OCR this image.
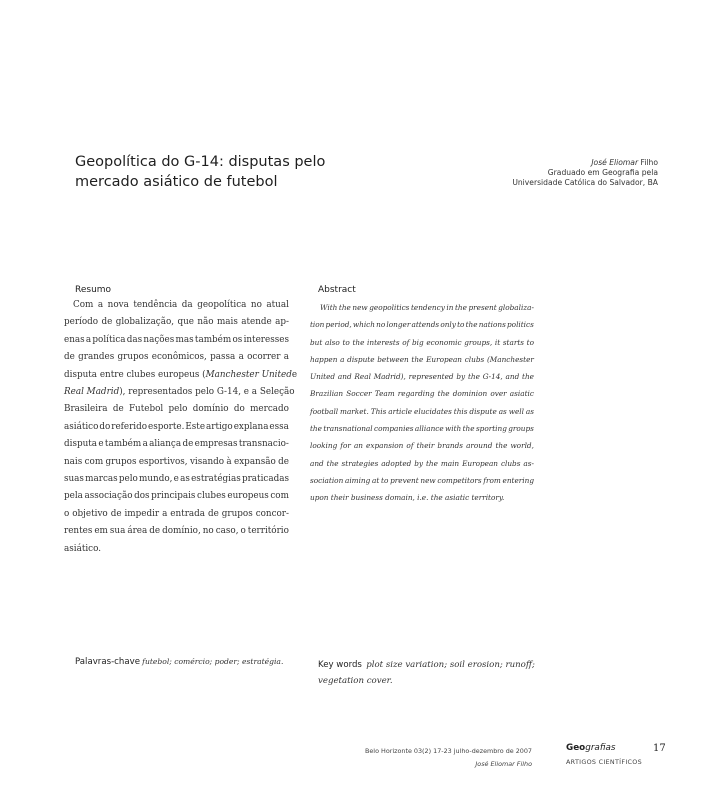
Geopolítica do G-14: disputas pelo
mercado asiático de futebol
José Eliomar Filho
Graduado em Geografia pela
Universidade Católica do Salvador, BA
Resumo	Abstract
Com a nova tendência da geopolítica no atual
período de globalização, que não mais atende ap-
enas a política das nações mas também os interesses
de grandes grupos econômicos, passa a ocorrer a
disputa entre clubes europeus (Manchester United e
Real Madrid ), representados pelo G-14, e a Seleção
Brasileira de Futebol pelo domínio do mercado
asiático do referido esporte. Este artigo explana essa
disputa e também a aliança de empresas transnacio-
nais com grupos esportivos, visando à expansão de
suas marcas pelo mundo, e as estratégias praticadas
pela associação dos principais clubes europeus com
o objetivo de impedir a entrada de grupos concor-
rentes em sua área de domínio, no caso, o território
asiático.
With the new geopolitics tendency in the present globaliza-
tion period, which no longer attends only to the nations politics
but also to the interests of big economic groups, it starts to
happen a dispute between the European clubs (Manchester
United and Real Madrid), represented by the G-14, and the
Brazilian Soccer Team regarding the dominion over asiatic
football market. This article elucidates this dispute as well as
the transnational companies alliance with the sporting groups
looking for an expansion of their brands around the world,
and the strategies adopted by the main European clubs as-
sociation aiming at to prevent new competitors from entering
upon their business domain, i.e. the asiatic territory.
Palavras-chave futebol; comércio; poder; estratégia.	Key words plot size variation; soil erosion; runoff;
vegetation cover.
Belo Horizonte 03(2) 17-23 julho-dezembro de 2007
José Eliomar Filho
Geografias
ARTIGOS CIENTÍFICOS
17
